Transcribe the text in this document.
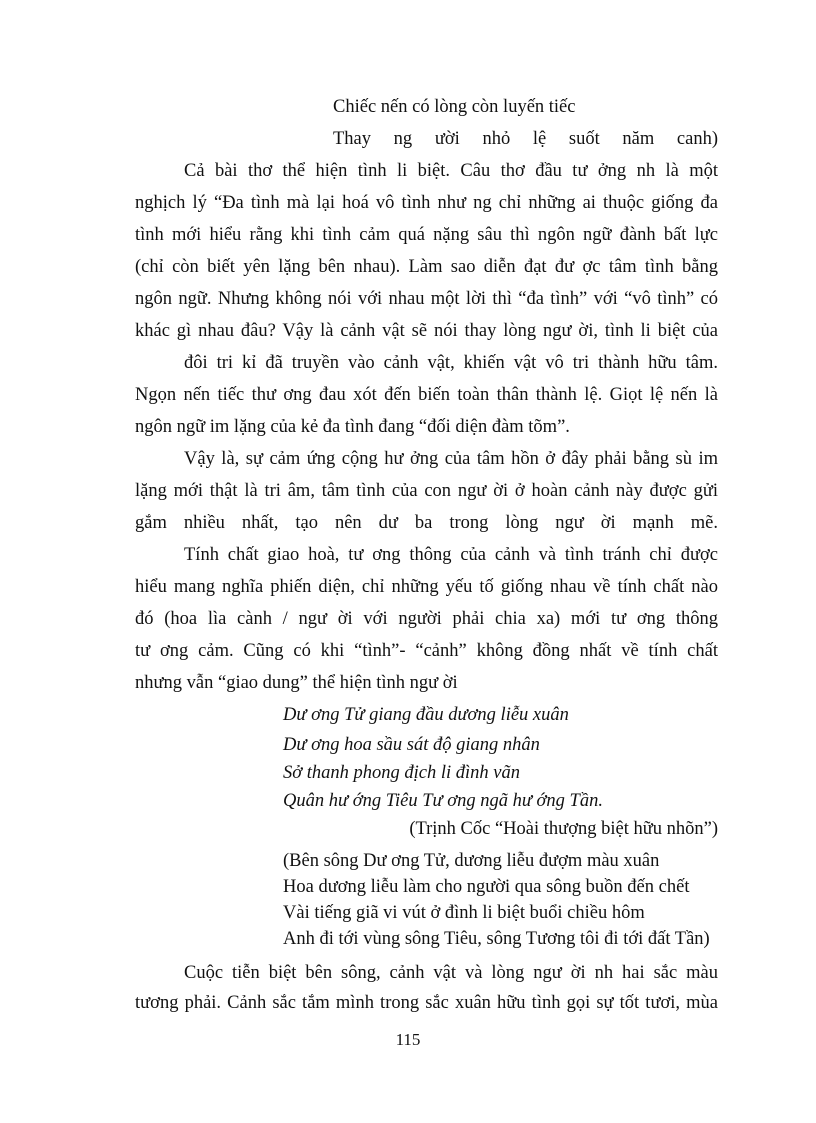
Chiếc nến có lòng còn luyến tiếc
Thay ng ười nhỏ lệ suốt năm canh)
Cả bài thơ thể hiện tình li biệt. Câu thơ đầu tư ởng nh là một
nghịch lý “Đa tình mà lại hoá vô tình như ng chỉ những ai thuộc giống đa
tình mới hiểu rằng khi tình cảm quá nặng sâu thì ngôn ngữ đành bất lực
(chỉ còn biết yên lặng bên nhau). Làm sao diễn đạt đư ợc tâm tình bằng
ngôn ngữ. Nhưng không nói với nhau một lời thì “đa tình” với “vô tình” có
khác gì nhau đâu? Vậy là cảnh vật sẽ nói thay lòng ngư ời, tình li biệt của
đôi tri kỉ đã truyền vào cảnh vật, khiến vật vô tri thành hữu tâm.
Ngọn nến tiếc thư ơng đau xót đến biến toàn thân thành lệ. Giọt lệ nến là
ngôn ngữ im lặng của kẻ đa tình đang “đối diện đàm tõm”.
Vậy là, sự cảm ứng cộng hư ởng của tâm hồn ở đây phải bằng sù im
lặng mới thật là tri âm, tâm tình của con ngư ời ở hoàn cảnh này được gửi
gắm nhiều nhất, tạo nên dư ba trong lòng ngư ời mạnh mẽ.
Tính chất giao hoà, tư ơng thông của cảnh và tình tránh chỉ được
hiểu mang nghĩa phiến diện, chỉ những yếu tố giống nhau về tính chất nào
đó (hoa lìa cành / ngư ời với người phải chia xa) mới tư ơng thông
tư ơng cảm. Cũng có khi “tình”- “cảnh” không đồng nhất về tính chất
nhưng vẫn “giao dung” thể hiện tình ngư ời
Dư ơng Tử giang đầu dương liễu xuân
Dư ơng hoa sầu sát độ giang nhân
Sở thanh phong địch li đình vãn
Quân hư ớng Tiêu Tư ơng ngã hư ớng Tần.
(Trịnh Cốc “Hoài thượng biệt hữu nhõn”)
(Bên sông Dư ơng Tử, dương liễu đượm màu xuân
Hoa dương liễu làm cho người qua sông buồn đến chết
Vài tiếng giã vi vút ở đình li biệt buổi chiều hôm
Anh đi tới vùng sông Tiêu, sông Tương tôi đi tới đất Tần)
Cuộc tiễn biệt bên sông, cảnh vật và lòng ngư ời nh hai sắc màu
tương phải. Cảnh sắc tắm mình trong sắc xuân hữu tình gọi sự tốt tươi, mùa
115
